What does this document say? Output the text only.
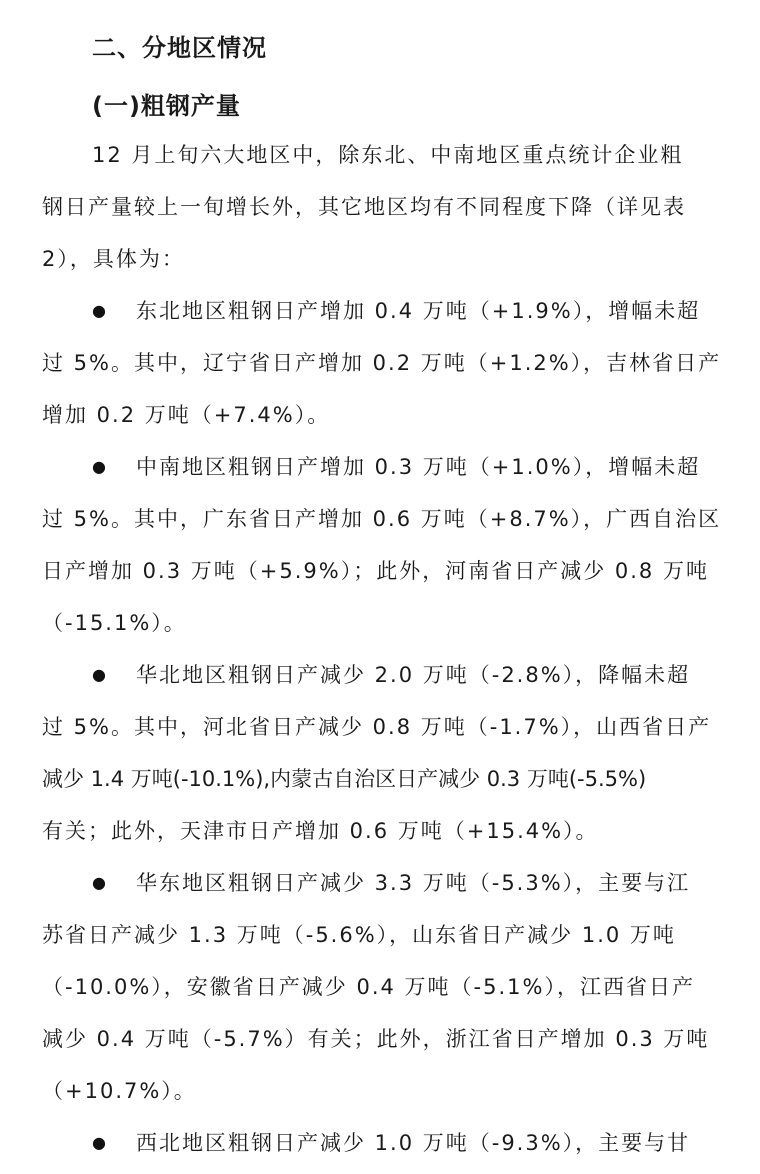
二、分地区情况
(一)粗钢产量
12 月上旬六大地区中，除东北、中南地区重点统计企业粗
钢日产量较上一旬增长外，其它地区均有不同程度下降（详见表
2），具体为：
● 东北地区粗钢日产增加 0.4 万吨（+1.9%），增幅未超
过 5%。其中，辽宁省日产增加 0.2 万吨（+1.2%），吉林省日产
增加 0.2 万吨（+7.4%）。
● 中南地区粗钢日产增加 0.3 万吨（+1.0%），增幅未超
过 5%。其中，广东省日产增加 0.6 万吨（+8.7%），广西自治区
日产增加 0.3 万吨（+5.9%）；此外，河南省日产减少 0.8 万吨
（-15.1%）。
● 华北地区粗钢日产减少 2.0 万吨（-2.8%），降幅未超
过 5%。其中，河北省日产减少 0.8 万吨（-1.7%），山西省日产
减少 1.4 万吨(-10.1%),内蒙古自治区日产减少 0.3 万吨(-5.5%)
有关；此外，天津市日产增加 0.6 万吨（+15.4%）。
● 华东地区粗钢日产减少 3.3 万吨（-5.3%），主要与江
苏省日产减少 1.3 万吨（-5.6%），山东省日产减少 1.0 万吨
（-10.0%），安徽省日产减少 0.4 万吨（-5.1%），江西省日产
减少 0.4 万吨（-5.7%）有关；此外，浙江省日产增加 0.3 万吨
（+10.7%）。
● 西北地区粗钢日产减少 1.0 万吨（-9.3%），主要与甘
